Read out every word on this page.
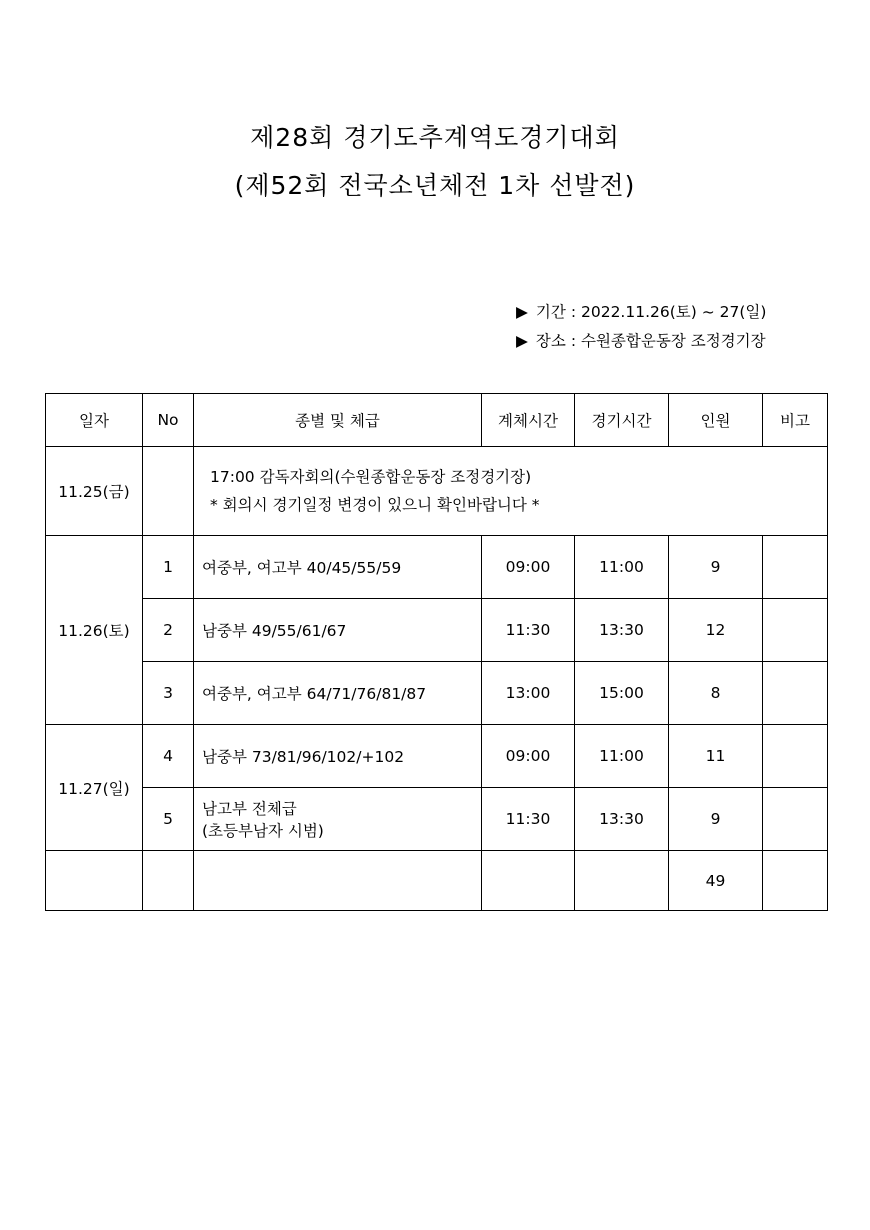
제28회 경기도추계역도경기대회
(제52회 전국소년체전 1차 선발전)
▶ 기간 : 2022.11.26(토) ~ 27(일)
▶ 장소 : 수원종합운동장 조정경기장
일자	No	종별 및 체급	계체시간	경기시간	인원	비고
11.25(금)		17:00 감독자회의(수원종합운동장 조정경기장)
* 회의시 경기일정 변경이 있으니 확인바랍니다 *				

11.26(토)	1	여중부, 여고부 40/45/55/59	09:00	11:00	9	
	2	남중부 49/55/61/67	11:30	13:30	12	
	3	여중부, 여고부 64/71/76/81/87	13:00	15:00	8	
11.27(일)	4	남중부 73/81/96/102/+102	09:00	11:00	11	
	5	남고부 전체급
(초등부남자 시범)	11:30	13:30	9	
					49	
